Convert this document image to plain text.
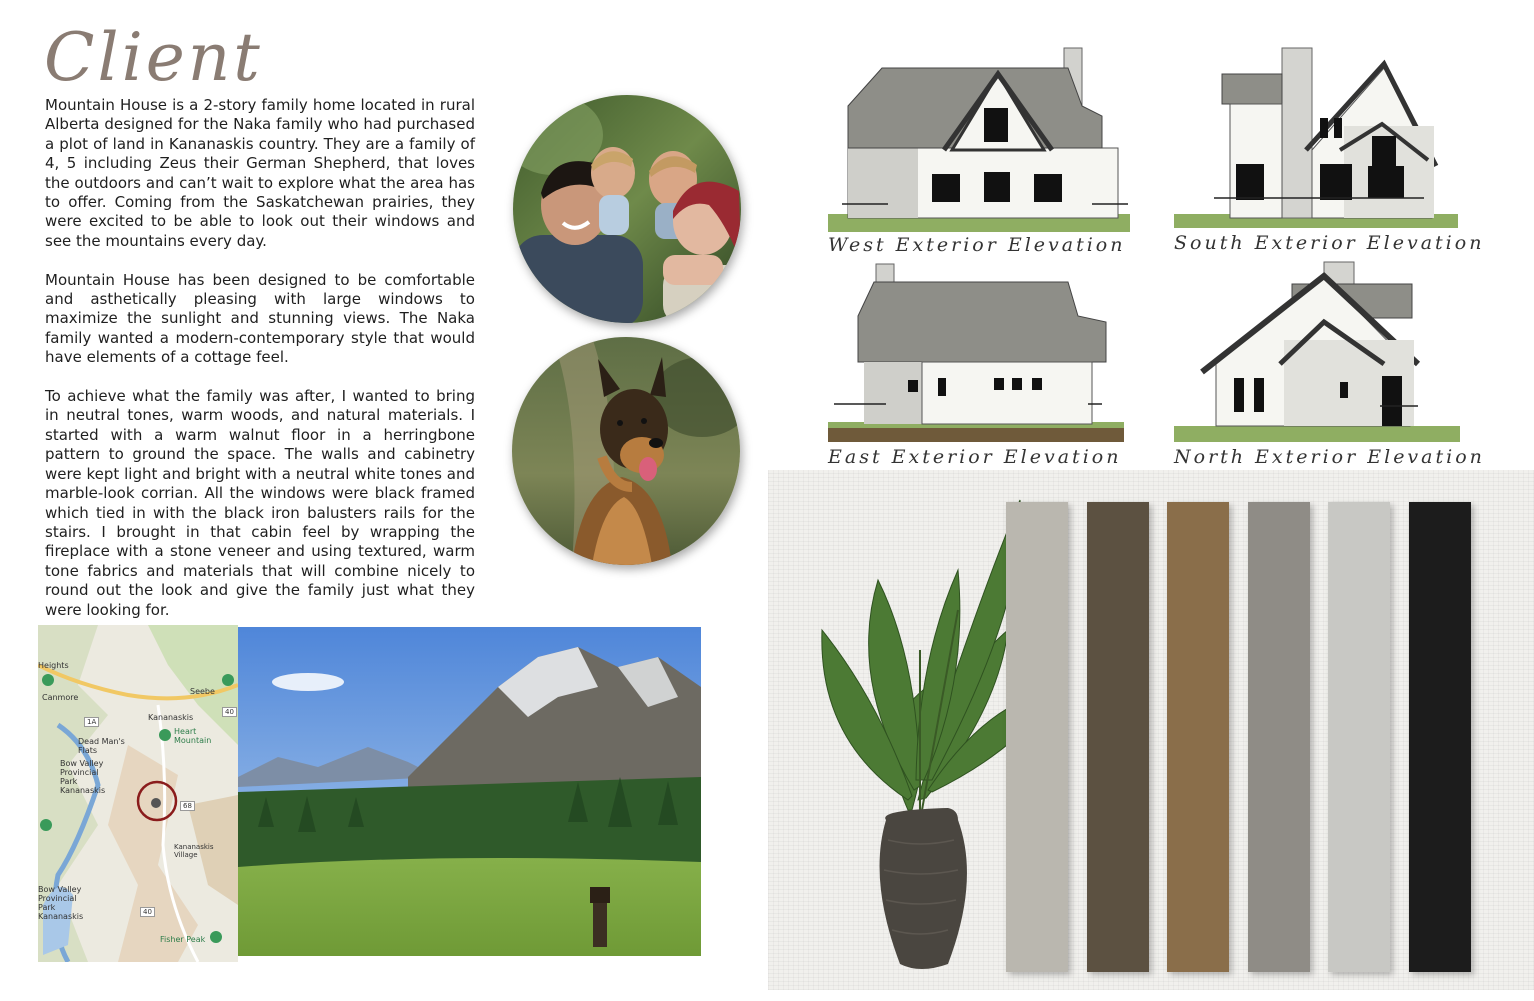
Client

Mountain House is a 2-story family home located in rural Alberta designed for the Naka family who had purchased a plot of land in Kananaskis country. They are a family of 4, 5 including Zeus their German Shepherd, that loves the outdoors and can’t wait to explore what the area has to offer. Coming from the Saskatchewan prairies, they were excited to be able to look out their windows and see the mountains every day.

Mountain House has been designed to be comfortable and asthetically pleasing with large windows to maximize the sunlight and stunning views. The Naka family wanted a modern-contemporary style that would have elements of a cottage feel.

To achieve what the family was after, I wanted to bring in neutral tones, warm woods, and natural materials. I started with a warm walnut floor in a herringbone pattern to ground the space. The walls and cabinetry were kept light and bright with a neutral white tones and marble-look corrian. All the windows were black framed which tied in with the black iron balusters rails for the stairs. I brought in that cabin feel by wrapping the fireplace with a stone veneer and using textured, warm tone fabrics and materials that will combine nicely to round out the look and give the family just what they were looking for.

Heights
Canmore
Seebe
Kananaskis
Heart Mountain
Dead Man's Flats
Bow Valley Provincial Park Kananaskis
Kananaskis Village
Bow Valley Provincial Park Kananaskis
Fisher Peak
1A
40
68
40
West Exterior Elevation	South Exterior Elevation
East Exterior Elevation	North Exterior Elevation
